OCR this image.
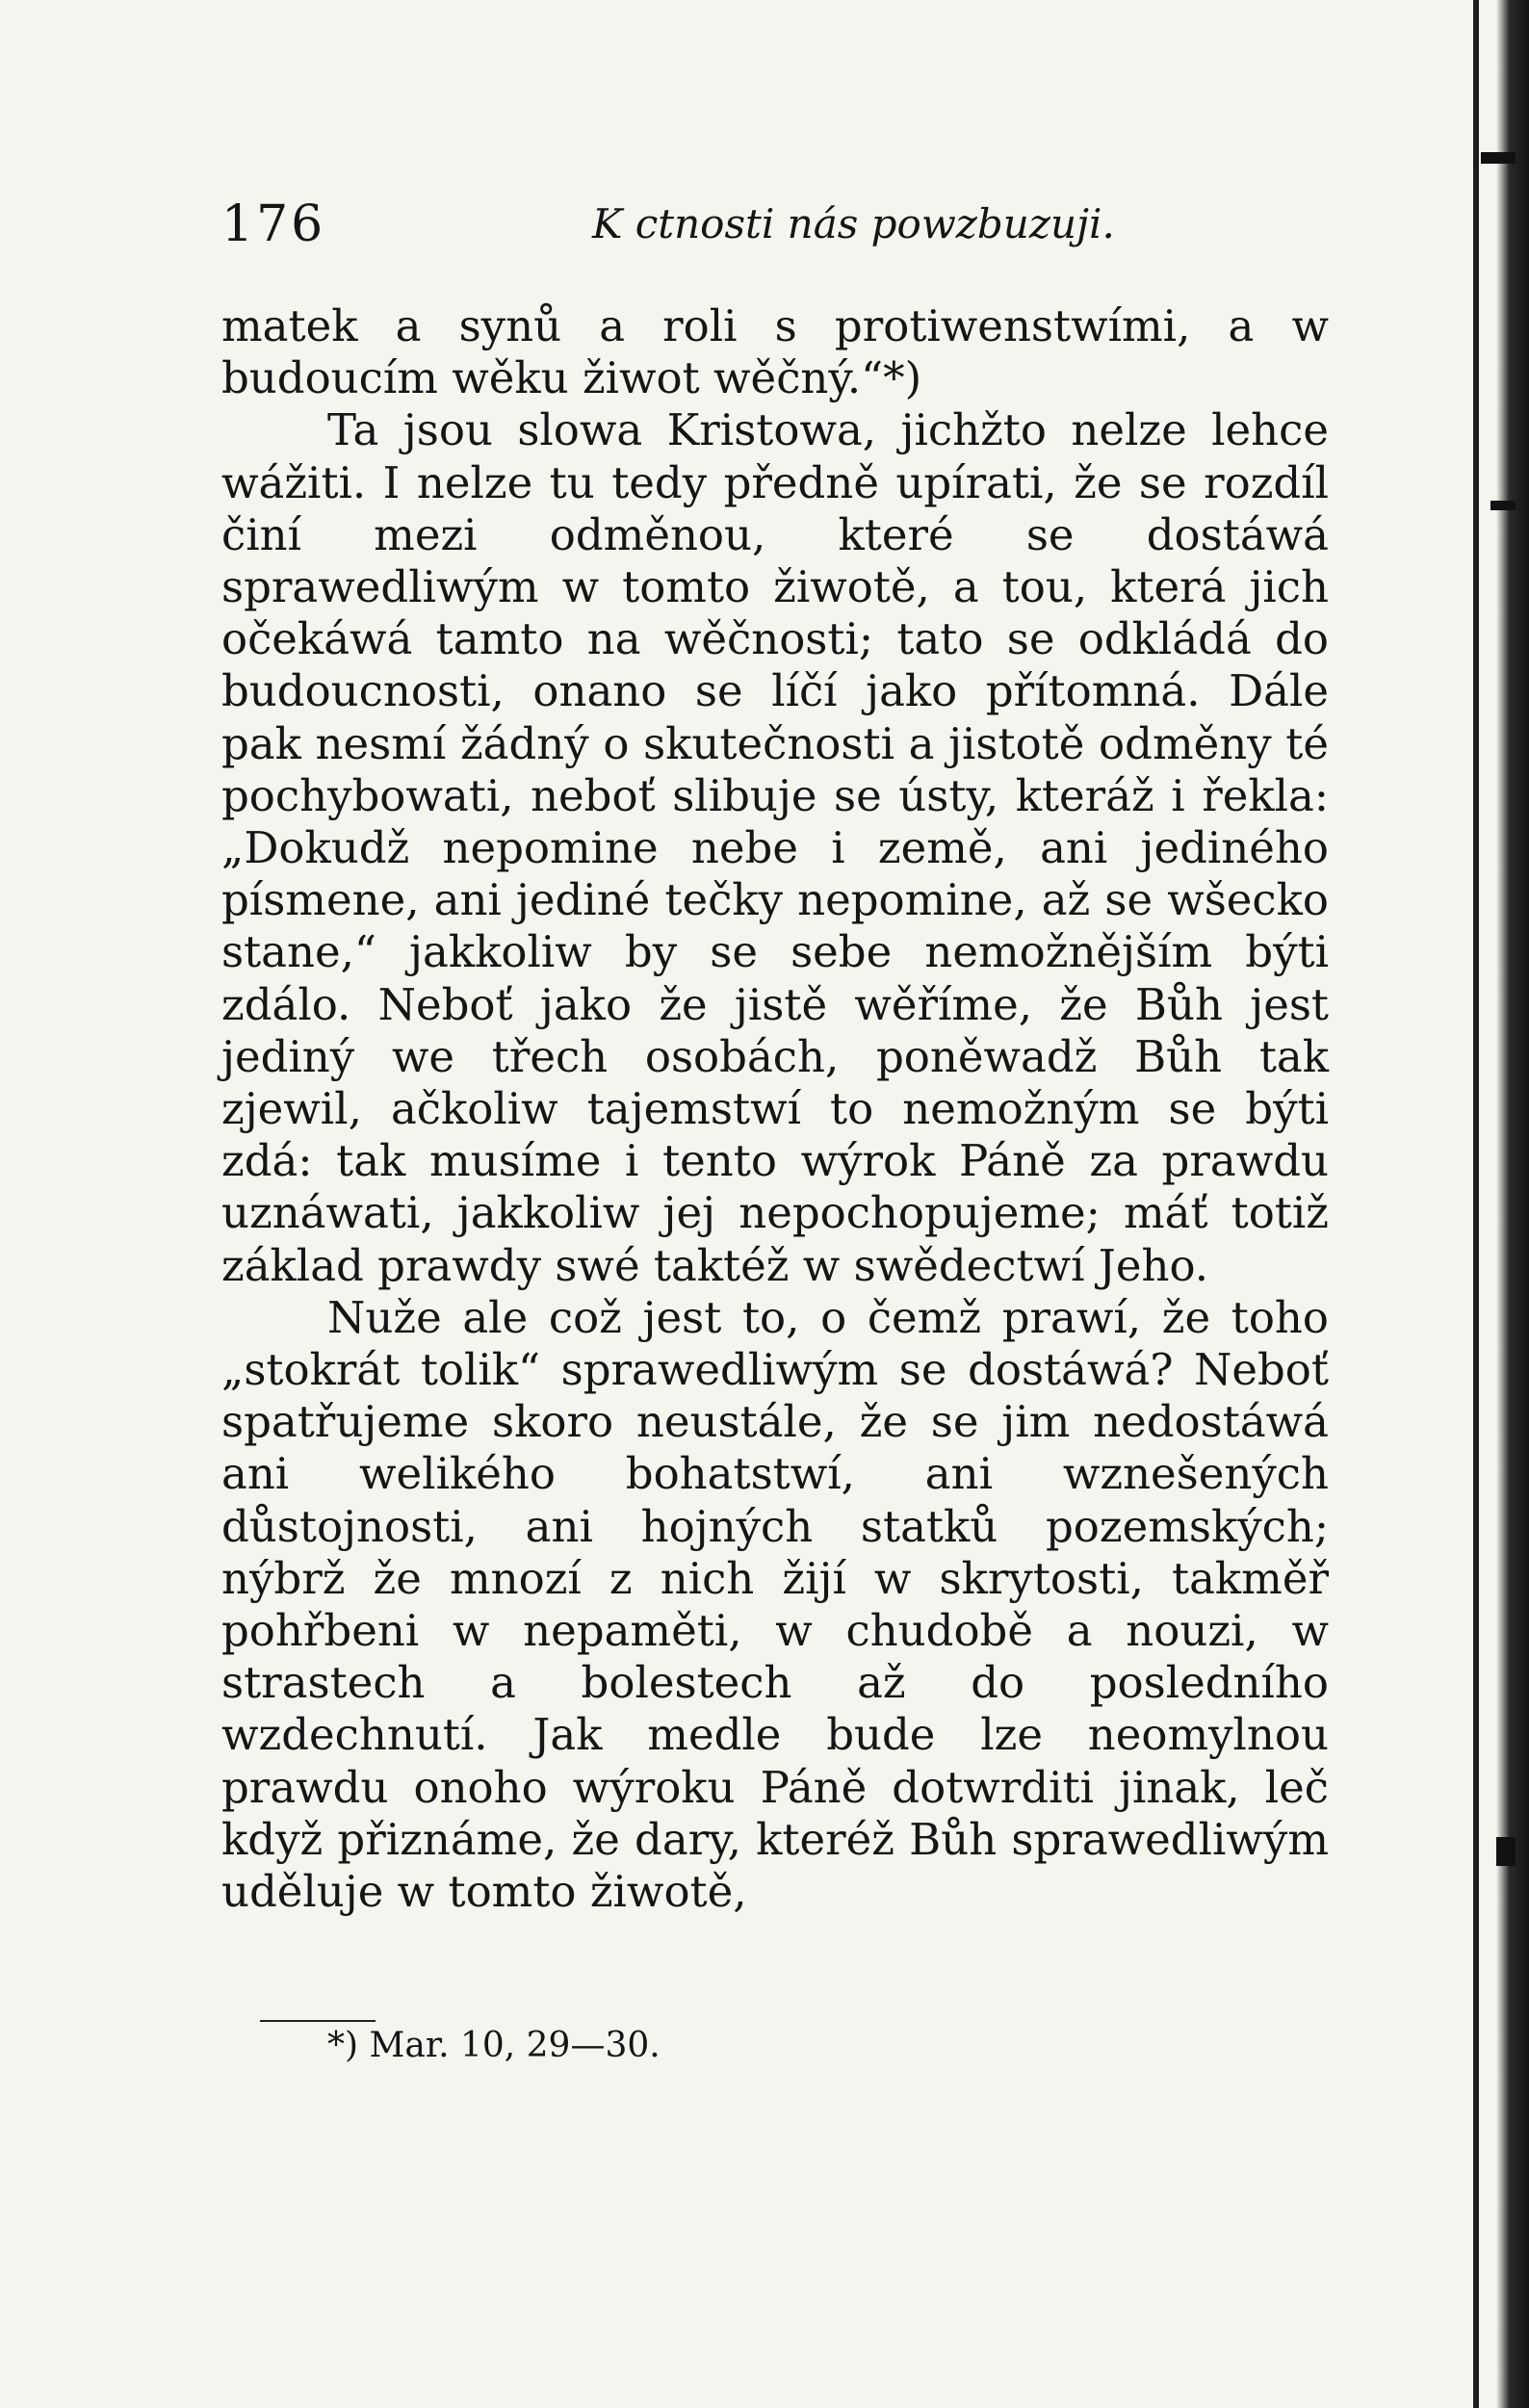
176	K ctnosti nás powzbuzuji.

matek a synů a roli s protiwenstwími, a w budoucím wěku žiwot wěčný.“*)

Ta jsou slowa Kristowa, jichžto nelze lehce wážiti. I nelze tu tedy předně upírati, že se rozdíl činí mezi odměnou, které se dostáwá sprawedliwým w tomto žiwotě, a tou, která jich očekáwá tamto na wěčnosti; tato se odkládá do budoucnosti, onano se líčí jako přítomná. Dále pak nesmí žádný o skutečnosti a jistotě odměny té pochybowati, neboť slibuje se ústy, kteráž i řekla: „Dokudž nepomine nebe i země, ani jediného písmene, ani jediné tečky nepomine, až se wšecko stane,“ jakkoliw by se sebe nemožnějším býti zdálo. Neboť jako že jistě wěříme, že Bůh jest jediný we třech osobách, poněwadž Bůh tak zjewil, ačkoliw tajemstwí to nemožným se býti zdá: tak musíme i tento wýrok Páně za prawdu uznáwati, jakkoliw jej nepochopujeme; máť totiž základ prawdy swé taktéž w swědectwí Jeho.

Nuže ale což jest to, o čemž prawí, že toho „stokrát tolik“ sprawedliwým se dostáwá? Neboť spatřujeme skoro neustále, že se jim nedostáwá ani welikého bohatstwí, ani wznešených důstojnosti, ani hojných statků pozemských; nýbrž že mnozí z nich žijí w skrytosti, takměř pohřbeni w nepaměti, w chudobě a nouzi, w strastech a bolestech až do posledního wzdechnutí. Jak medle bude lze neomylnou prawdu onoho wýroku Páně dotwrditi jinak, leč když přiznáme, že dary, kteréž Bůh sprawedliwým uděluje w tomto žiwotě,

*) Mar. 10, 29—30.
